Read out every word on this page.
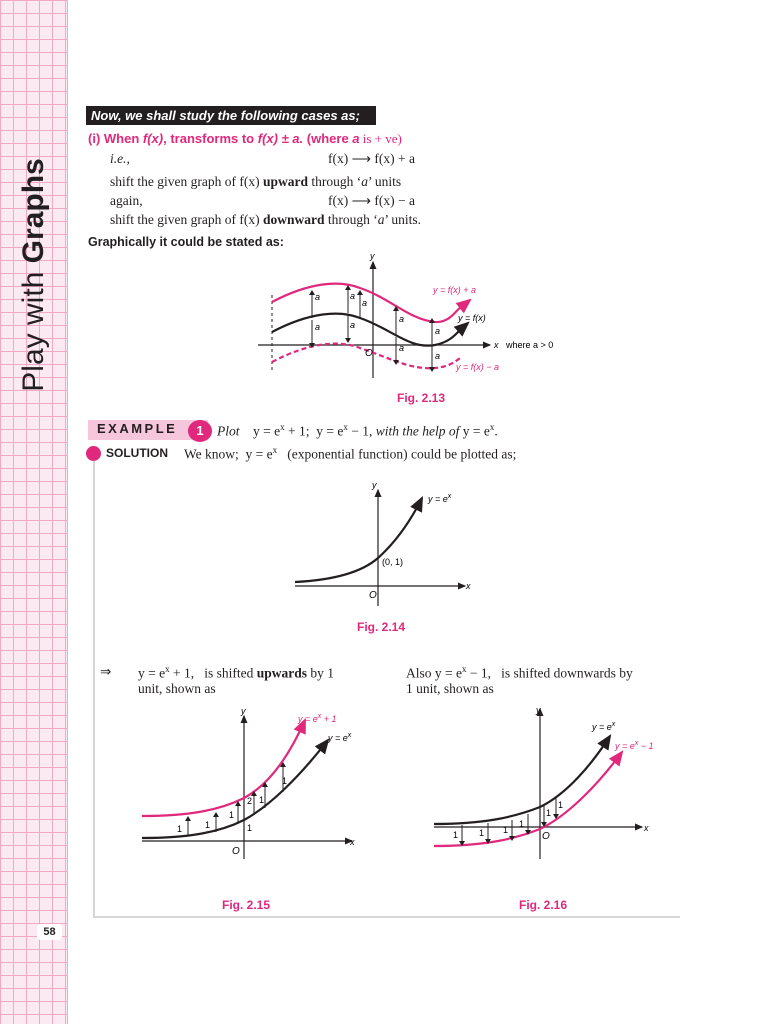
Play with Graphs
58
Now, we shall study the following cases as;
(i) When f(x), transforms to f(x) ± a. (where a is + ve)
i.e.,	f(x) ⟶ f(x) + a
shift the given graph of f(x) upward through ‘a’ units
again,	f(x) ⟶ f(x) − a
shift the given graph of f(x) downward through ‘a’ units.
Graphically it could be stated as:
a
a
a
a
a
a
a
a
a
y
O
y = f(x) + a
y = f(x)
x where a > 0
y = f(x) − a
Fig. 2.13
EXAMPLE	1 Plot $y = e^x + 1$; $y = e^x - 1$, with the help of $y = e^x$.
SOLUTION We know; $y = e^x$ (exponential function) could be plotted as;
y
$y = e^x$
(0, 1)
O
x
Fig. 2.14
⇒ $y = e^x + 1$, is shifted upwards by 1
unit, shown as
Also $y = e^x - 1$, is shifted downwards by
1 unit, shown as
1	1
1
1
2 1
1
y
$y = e^x + 1$
$y = e^x$
O
x
Fig. 2.15
1 1 1
1
1
1
y
$y = e^x$
$y = e^x - 1$
O
x
Fig. 2.16
